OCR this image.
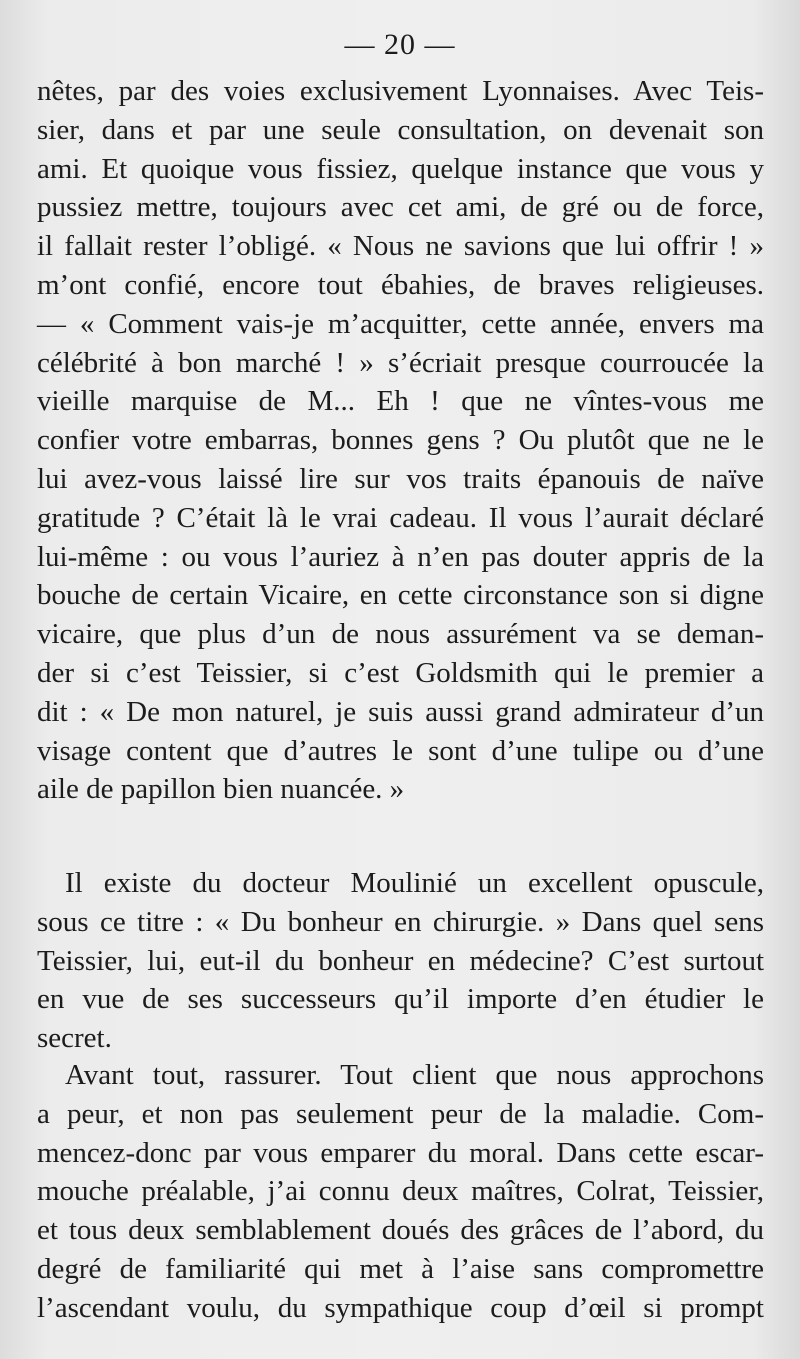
— 20 —
nêtes, par des voies exclusivement Lyonnaises. Avec Teis-
sier, dans et par une seule consultation, on devenait son
ami. Et quoique vous fissiez, quelque instance que vous y
pussiez mettre, toujours avec cet ami, de gré ou de force,
il fallait rester l’obligé. « Nous ne savions que lui offrir ! »
m’ont confié, encore tout ébahies, de braves religieuses.
— « Comment vais-je m’acquitter, cette année, envers ma
célébrité à bon marché ! » s’écriait presque courroucée la
vieille marquise de M... Eh ! que ne vîntes-vous me
confier votre embarras, bonnes gens ? Ou plutôt que ne le
lui avez-vous laissé lire sur vos traits épanouis de naïve
gratitude ? C’était là le vrai cadeau. Il vous l’aurait déclaré
lui-même : ou vous l’auriez à n’en pas douter appris de la
bouche de certain Vicaire, en cette circonstance son si digne
vicaire, que plus d’un de nous assurément va se deman-
der si c’est Teissier, si c’est Goldsmith qui le premier a
dit : « De mon naturel, je suis aussi grand admirateur d’un
visage content que d’autres le sont d’une tulipe ou d’une
aile de papillon bien nuancée. »
Il existe du docteur Moulinié un excellent opuscule,
sous ce titre : « Du bonheur en chirurgie. » Dans quel sens
Teissier, lui, eut-il du bonheur en médecine? C’est surtout
en vue de ses successeurs qu’il importe d’en étudier le
secret.
Avant tout, rassurer. Tout client que nous approchons
a peur, et non pas seulement peur de la maladie. Com-
mencez-donc par vous emparer du moral. Dans cette escar-
mouche préalable, j’ai connu deux maîtres, Colrat, Teissier,
et tous deux semblablement doués des grâces de l’abord, du
degré de familiarité qui met à l’aise sans compromettre
l’ascendant voulu, du sympathique coup d’œil si prompt
